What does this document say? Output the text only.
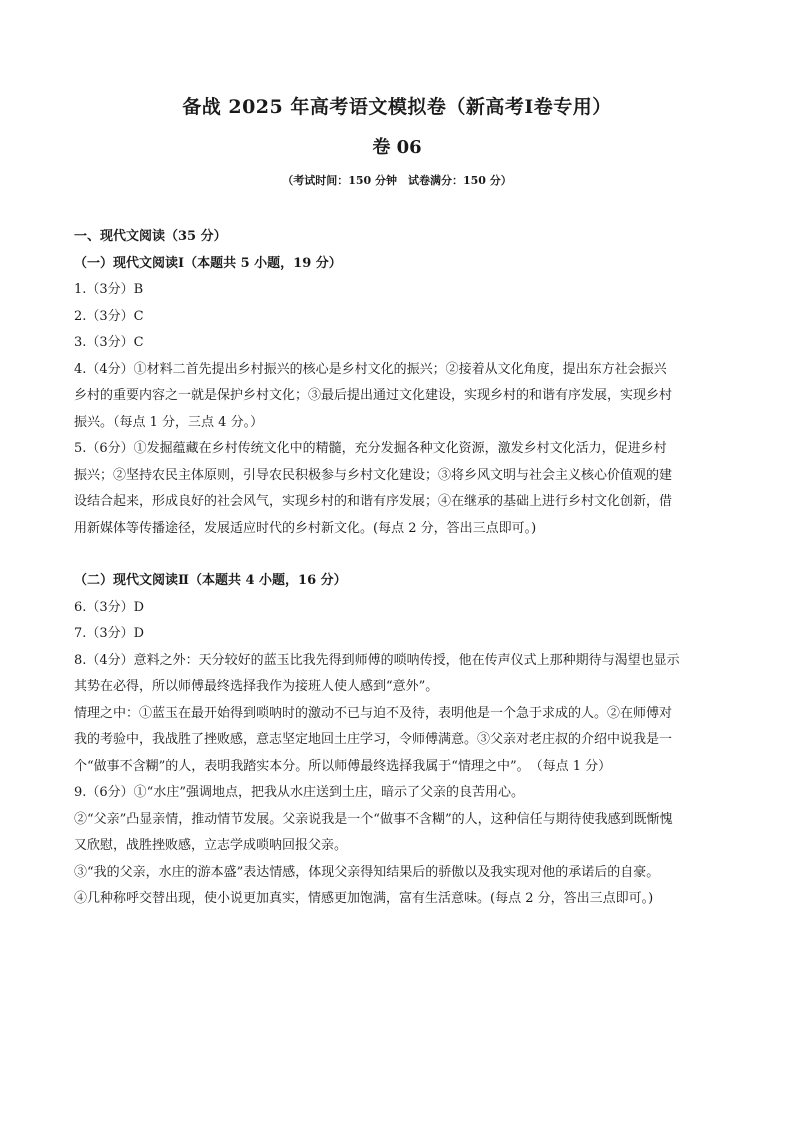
备战 2025 年高考语文模拟卷（新高考Ⅰ卷专用）
卷 06
（考试时间：150 分钟　试卷满分：150 分）
一、现代文阅读（35 分）
（一）现代文阅读Ⅰ（本题共 5 小题，19 分）
1.（3分）B
2.（3分）C
3.（3分）C
4.（4分）①材料二首先提出乡村振兴的核心是乡村文化的振兴；②接着从文化角度，提出东方社会振兴
乡村的重要内容之一就是保护乡村文化；③最后提出通过文化建设，实现乡村的和谐有序发展，实现乡村
振兴。（每点 1 分，三点 4 分。）
5.（6分）①发掘蕴藏在乡村传统文化中的精髓，充分发掘各种文化资源，激发乡村文化活力，促进乡村
振兴；②坚持农民主体原则，引导农民积极参与乡村文化建设；③将乡风文明与社会主义核心价值观的建
设结合起来，形成良好的社会风气，实现乡村的和谐有序发展；④在继承的基础上进行乡村文化创新，借
用新媒体等传播途径，发展适应时代的乡村新文化。(每点 2 分，答出三点即可。)
（二）现代文阅读Ⅱ（本题共 4 小题，16 分）
6.（3分）D
7.（3分）D
8.（4分）意料之外：天分较好的蓝玉比我先得到师傅的唢呐传授，他在传声仪式上那种期待与渴望也显示
其势在必得，所以师傅最终选择我作为接班人使人感到“意外”。
情理之中：①蓝玉在最开始得到唢呐时的激动不已与迫不及待，表明他是一个急于求成的人。②在师傅对
我的考验中，我战胜了挫败感，意志坚定地回土庄学习，令师傅满意。③父亲对老庄叔的介绍中说我是一
个“做事不含糊”的人，表明我踏实本分。所以师傅最终选择我属于“情理之中”。　（每点 1 分）
9.（6分）①“水庄”强调地点，把我从水庄送到土庄，暗示了父亲的良苦用心。
②“父亲”凸显亲情，推动情节发展。父亲说我是一个“做事不含糊”的人，这种信任与期待使我感到既惭愧
又欣慰，战胜挫败感，立志学成唢呐回报父亲。
③“我的父亲，水庄的游本盛”表达情感，体现父亲得知结果后的骄傲以及我实现对他的承诺后的自豪。
④几种称呼交替出现，使小说更加真实，情感更加饱满，富有生活意味。(每点 2 分，答出三点即可。)
